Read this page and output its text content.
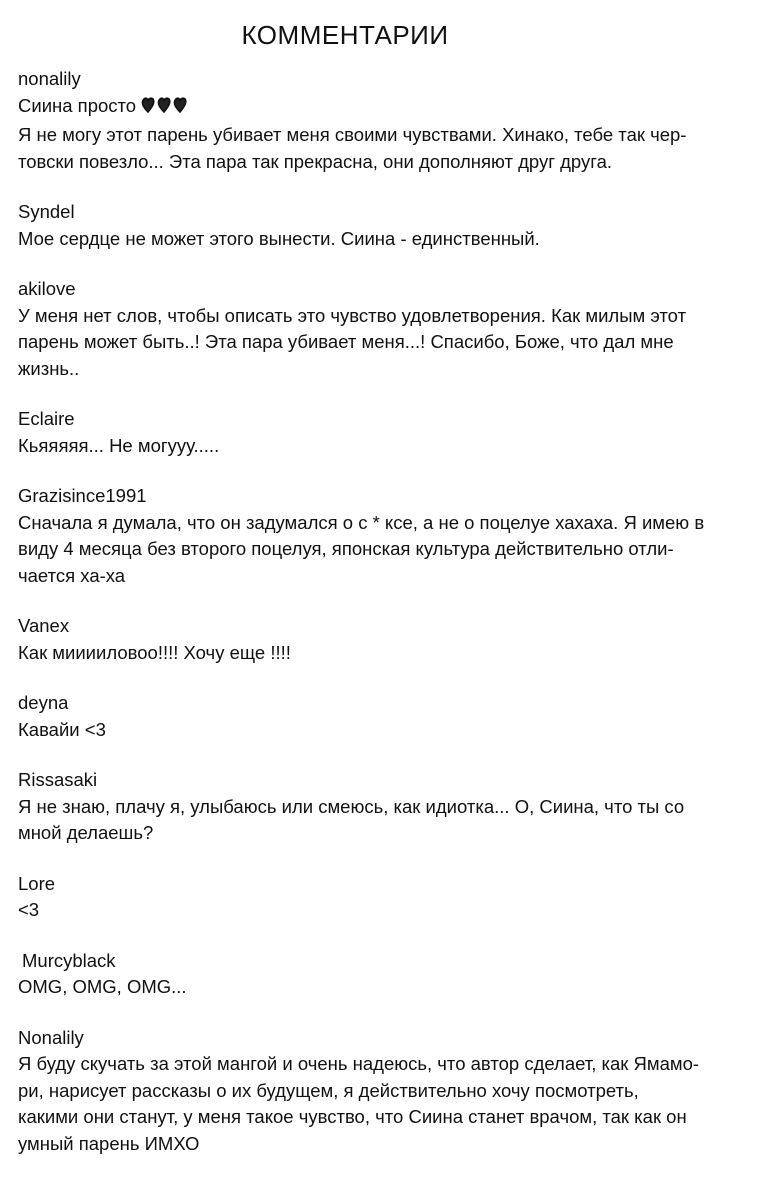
КОММЕНТАРИИ
nonalily
Сиина просто
Я не могу этот парень убивает меня своими чувствами. Хинако, тебе так чер-
товски повезло... Эта пара так прекрасна, они дополняют друг друга.
Syndel
Мое сердце не может этого вынести. Сиина - единственный.
akilove
У меня нет слов, чтобы описать это чувство удовлетворения. Как милым этот
парень может быть..! Эта пара убивает меня...! Спасибо, Боже, что дал мне
жизнь..
Eclaire
Кьяяяяя... Не могууу.....
Grazisince1991
Сначала я думала, что он задумался о с * ксе, а не о поцелуе хахаха. Я имею в
виду 4 месяца без второго поцелуя, японская культура действительно отли-
чается ха-ха
Vanex
Как мииииловоо!!!! Хочу еще !!!!
deyna
Кавайи <3
Rissasaki
Я не знаю, плачу я, улыбаюсь или смеюсь, как идиотка... О, Сиина, что ты со
мной делаешь?
Lore
<3
Murcyblack
OMG, OMG, OMG...
Nonalily
Я буду скучать за этой мангой и очень надеюсь, что автор сделает, как Ямамо-
ри, нарисует рассказы о их будущем, я действительно хочу посмотреть,
какими они станут, у меня такое чувство, что Сиина станет врачом, так как он
умный парень ИМХО
